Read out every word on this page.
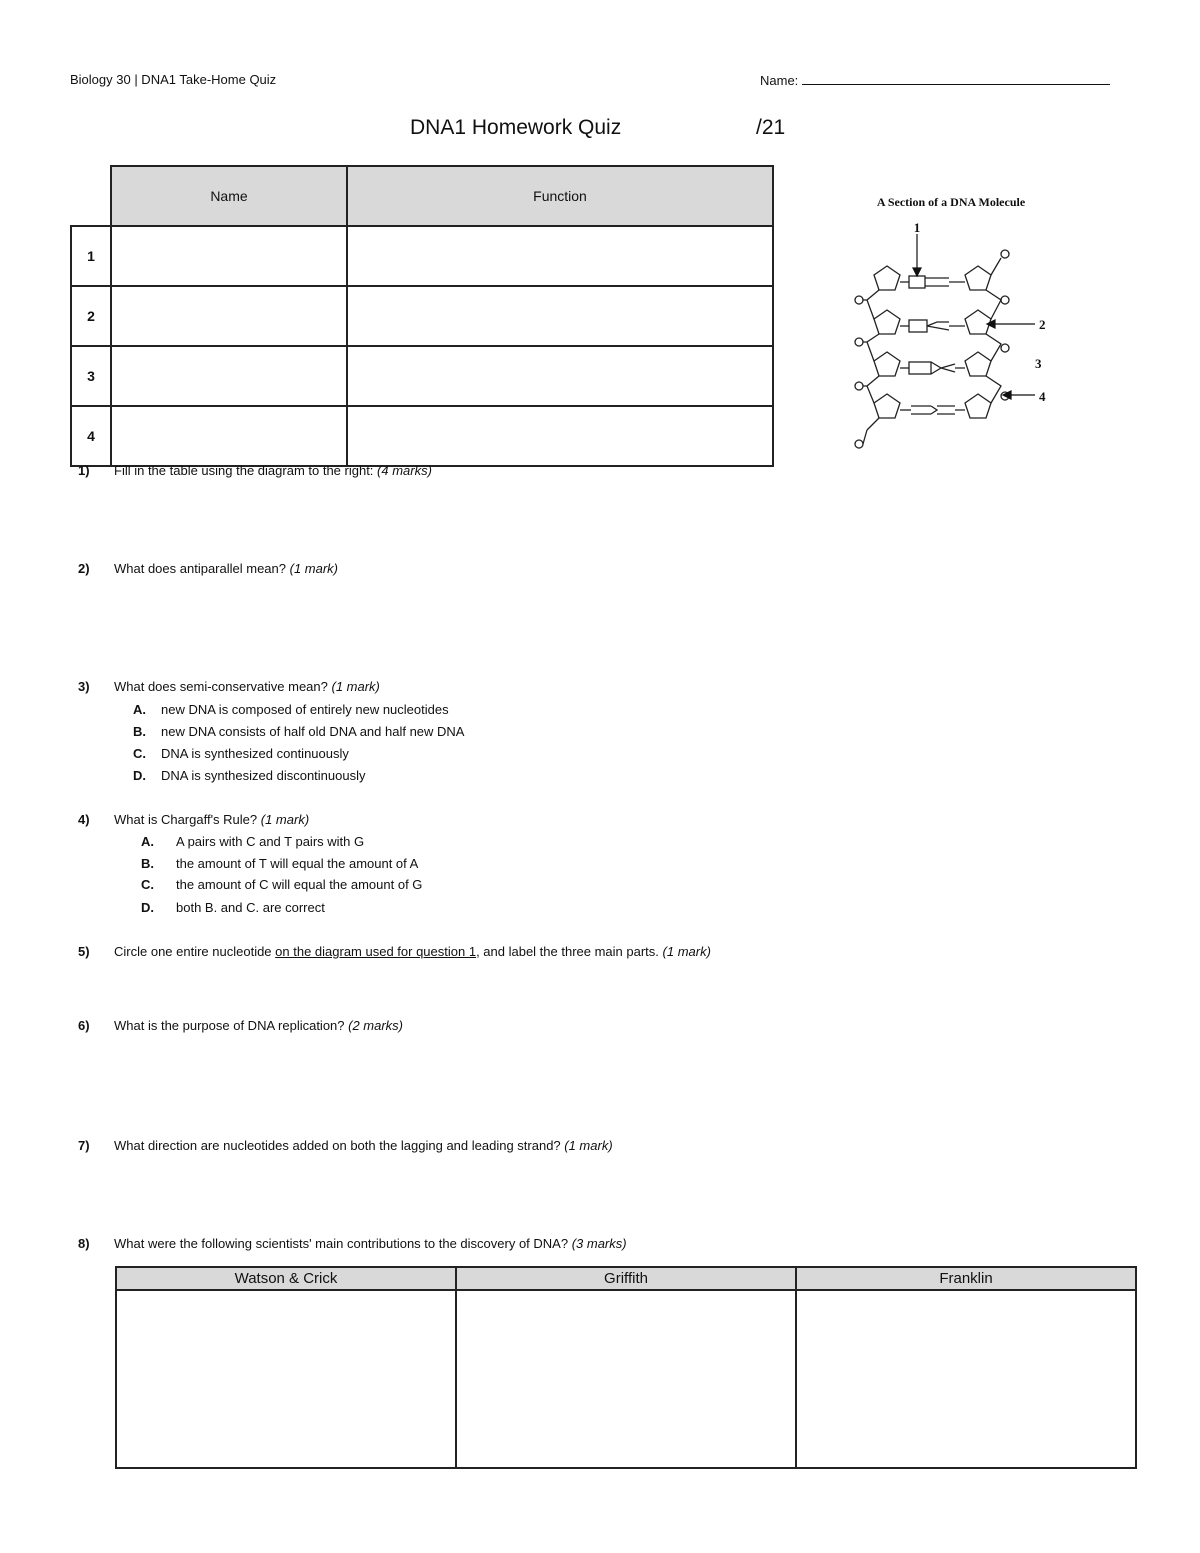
Biology 30 | DNA1 Take-Home Quiz	Name:
DNA1 Homework Quiz	/21
	Name	Function
1		
2		
3		
4		
A Section of a DNA Molecule
1
2
3
4
1) Fill in the table using the diagram to the right: (4 marks)
2) What does antiparallel mean? (1 mark)
3) What does semi-conservative mean? (1 mark)
A. new DNA is composed of entirely new nucleotides
B. new DNA consists of half old DNA and half new DNA
C. DNA is synthesized continuously
D. DNA is synthesized discontinuously
4) What is Chargaff's Rule? (1 mark)
A. A pairs with C and T pairs with G
B. the amount of T will equal the amount of A
C. the amount of C will equal the amount of G
D. both B. and C. are correct
5) Circle one entire nucleotide on the diagram used for question 1, and label the three main parts. (1 mark)
6) What is the purpose of DNA replication? (2 marks)
7) What direction are nucleotides added on both the lagging and leading strand? (1 mark)
8) What were the following scientists' main contributions to the discovery of DNA? (3 marks)
Watson & Crick	Griffith	Franklin
